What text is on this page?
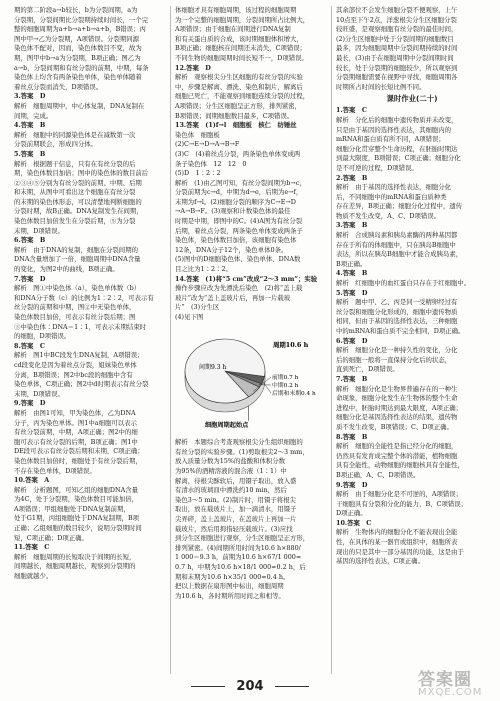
期的第二阶段a→b较长，b为分裂间期，a为

分裂期，分裂间期比分裂期持续时间长，一个完

整的细胞周期为a+b→a+b→a+b，B错误；丙

图中甲→乙为分裂期，A项错误。分裂期同源

染色体不配对，因而，染色体数目不变，故为

期，图甲中b→a为分裂期，B项正确；图乙为

a→b，分裂间期和有丝分裂的前期，中期，每条

染色体上均含有两条染色单体，染色单体随着

着丝点分裂而消失，D项错误。

3.答案　D

解析　细胞周期中，中心体复制，DNA复制在

间期，完成。

4.答案　B

解析　细胞中的同源染色体是在减数第一次

分裂前期联会，形成四分体。

5.答案　B

解析　根据题干信息，只有在有丝分裂的后

期，染色体数目加倍；图中的染色体的数目前后

②③④⑤分别为有丝分裂的前期、中期、后期

和末期，从图中可看出这个细胞在有丝分裂

的末期的染色体形态，可以清楚地判断细胞的

分裂时期，故B正确。DNA复制发生在间期，

染色体数目加倍发生在分裂后期，⑤为分裂

末期，D项错误。

6.答案　B

解析　由于DNA的复制，细胞在分裂间期的

DNA含量增加了一倍，细胞周期中DNA含量

的变化，为图2中的曲线，B项正确。

7.答案　D

解析　图①中染色体（a），染色单体数（b）

和DNA分子数（c）的比例为1∶2∶2，可表示有

丝分裂的前期和中期，图②中无染色单体，

染色体数目加倍，可表示有丝分裂后期；图

③中染色体∶DNA＝1∶1，可表示末期结束时

的细胞，D项错误。

8.答案　C

解析　图1中BC段发生DNA复制，A项错误；

cd段变化是因为着丝点分裂，姐妹染色单体

分离，B项错误；图2中bc段的细胞中含有

染色单体，C项正确；图2中d时期表示有丝分裂

末期，D项错误。

9.答案　D

解析　由图1可知，甲为染色体，乙为DNA

分子，丙为染色单体。图1中a细胞可以表示

有丝分裂前期，中期，A项正确；图2中的细

胞可表示有丝分裂的后期，B项正确；图1中

DE段可表示有丝分裂后期和末期，C项正确；

染色体数目加倍时，细胞处于有丝分裂后期，

不存在染色单体，D项错误。

10.答案　A

解析　分析题图，可知乙组的细胞DNA含量

为4C，处于分裂期，染色体数目可能加倍，

A项错误；甲组细胞处于DNA复制前期，

处于G1期，丙组细胞处于DNA复制期，B项

正确；乙组细胞的数目较少，说明分裂期时间

短，C项正确；D项正确。

11.答案　C

解析　细胞周期的长短取决于间期的长短，

间期越长，细胞周期越长，观察到分裂期的

细胞就越少。

体细胞才具有细胞周期，该过程的细胞周期

为一个完整的细胞周期，分裂间期所占比例大，

A项错误；由于细胞在间期进行DNA复制

和有关蛋白质的合成，该时期细胞体积增大，

B项正确；细胞核在间期还未消失，C项错误；

不同生物的细胞周期时间长短不一，D项错误。

12.答案　D

解析　观察根尖分生区细胞的有丝分裂的实验

中，步骤是解离、漂洗、染色和制片，解离后

细胞已死亡，不能观察到细胞连续分裂的过程，

A项错误；分生区细胞呈正方形，排列紧密，

B项错误；间期细胞数目最多，C项错误。

13.答案　(1)f→l　细胞板　核仁　纺锤丝

染色体　细胞板

(2)C→E→D→A→B→F

(3)C　(4)着丝点分裂，两条染色单体变成两

条子染色体　12　12　0

(5)D　1∶2∶2

解析　(1)由乙图可知，有丝分裂间期为b→c，

分裂前期为c→d，中期为d→e，后期为e→f，

末期为f→l。(2)细胞分裂的顺序为C→E→D

→A→B→F。(3)观察和计数染色体的最佳

时期是中期，即图中的C。(4)A图为有丝分裂

后期，着丝点分裂，两条染色单体变成两条子

染色体，染色体数目加倍，该细胞有染色体

12条，DNA分子12个，染色单体0条。

(5)图中的D细胞染色体、染色单体、DNA数

目之比为1∶2∶2。

14.答案　(1)将“5 cm”改成“2～3 mm”；实验

操作步骤应改为先漂洗后染色　(2)将“盖上载

玻片”改为“盖上盖玻片后，再加一片载玻

片”　(3)分生区

(4)见下图

周期10.6 h
前期0.7 h
中期0.2 h
后期和末期0.4 h
间期9.3 h
细胞周期起始点

解析　本题综合考查观察根尖分生组织细胞的

有丝分裂的实验步骤。(1)剪取根尖2～3 mm，

放入质量分数为15%的盐酸和体积分数

为95%的酒精溶液的混合液（1∶1）中

解离，待根尖酥软后，用镊子取出，放入盛

有清水的玻璃皿中漂洗约10 min，然后

染色3～5 min。(2)制片时，用镊子将根尖

取出，放在载玻片上，加一滴清水，用镊子

尖弄碎，盖上盖玻片，在盖玻片上再加一片

载玻片，然后用拇指轻压载玻片。(3)应找

到分生区细胞进行观察，分生区细胞呈正方形，

排列紧密。(4)间期所用时间为10.6 h×880/

1 000＝9.3 h，前期为10.6 h×67/1 000≈

0.7 h，中期为10.6 h×18/1 000≈0.2 h，后

期和末期为10.6 h×35/1 000≈0.4 h。

把以上数据在扇形图中标出，细胞周期

为10.6 h，各时期所用时间之和相等。

其余部位不会发生细胞分裂不便观察，上午

10点至下午2点，洋葱根尖分生区细胞分裂

较旺盛，是观察细胞有丝分裂的最佳时间，

(2)分生区细胞中处于分裂间期的细胞数目

最多，因为细胞周期中分裂间期持续的时间

最长，(3)由于在细胞周期中分裂间期时间

较长，处于分裂期的细胞较少，所以观察到

分裂期细胞需要在视野中寻找，细胞周期各

时期所占时间的长短比例不同。

课时作业(二十)

1.答案　C

解析　分化后的细胞中遗传物质并未改变，

只是由于基因的选择性表达，其细胞内的

mRNA和蛋白质有所不同，A项错误；

细胞分化贯穿整个生命历程，在胚胎时期达

到最大限度，B项错误；C项正确；细胞分化

是不可逆的过程，D项错误。

2.答案　B

解析　由于基因的选择性表达，细胞分化

后，不同细胞中的mRNA和蛋白质种类

存在差异，B项正确；细胞分化过程中，遗传

物质不发生改变，A、C、D项错误。

3.答案　B

解析　合成胰岛素和胰岛素酶的两种基因都

存在于所有的体细胞中，只在胰岛B细胞中

表达，所以在胰岛B细胞中才能合成胰岛素，

B项正确。

4.答案　B

解析　红细胞中的血红蛋白只存在于红细胞中。

5.答案　D

解析　题中甲、乙、丙是同一受精卵经过有

丝分裂和细胞分化形成的，细胞中遗传物质

相同，但由于基因的选择性表达，三种细胞

中的mRNA和蛋白质不完全相同，D项正确。

6.答案　D

解析　细胞分化是一种持久性的变化，分化

后的细胞一般将一直保持分化后的状态，

直到死亡，D项错误。

7.答案　B

解析　细胞分化是生物界普遍存在的一种生

命现象，细胞分化发生在生物体的整个生命

进程中，胚胎时期达到最大限度，A项正确；

细胞分化是基因选择性表达的结果，遗传物

质不发生改变，B项错误；C、D项正确。

8.答案　B

解析　细胞的全能性是指已经分化的细胞，

仍然具有发育成完整个体的潜能，植物细胞

具有全能性，动物细胞的细胞核具有全能性，

B项正确，A、C、D项错误。

9.答案　D

解析　由于细胞分化是不可逆的，A项错误；

干细胞具有分裂和分化的能力，B、C项错误；

D项正确。

10.答案　C

解析　生物体内的细胞分化不能表现出全能

性，在具体的某一器官或组织中，细胞所表

现出的只是其中一部分基因的功能，这是由于

基因的选择性表达，C项正确。

204	答案圈
MXQE.COM
